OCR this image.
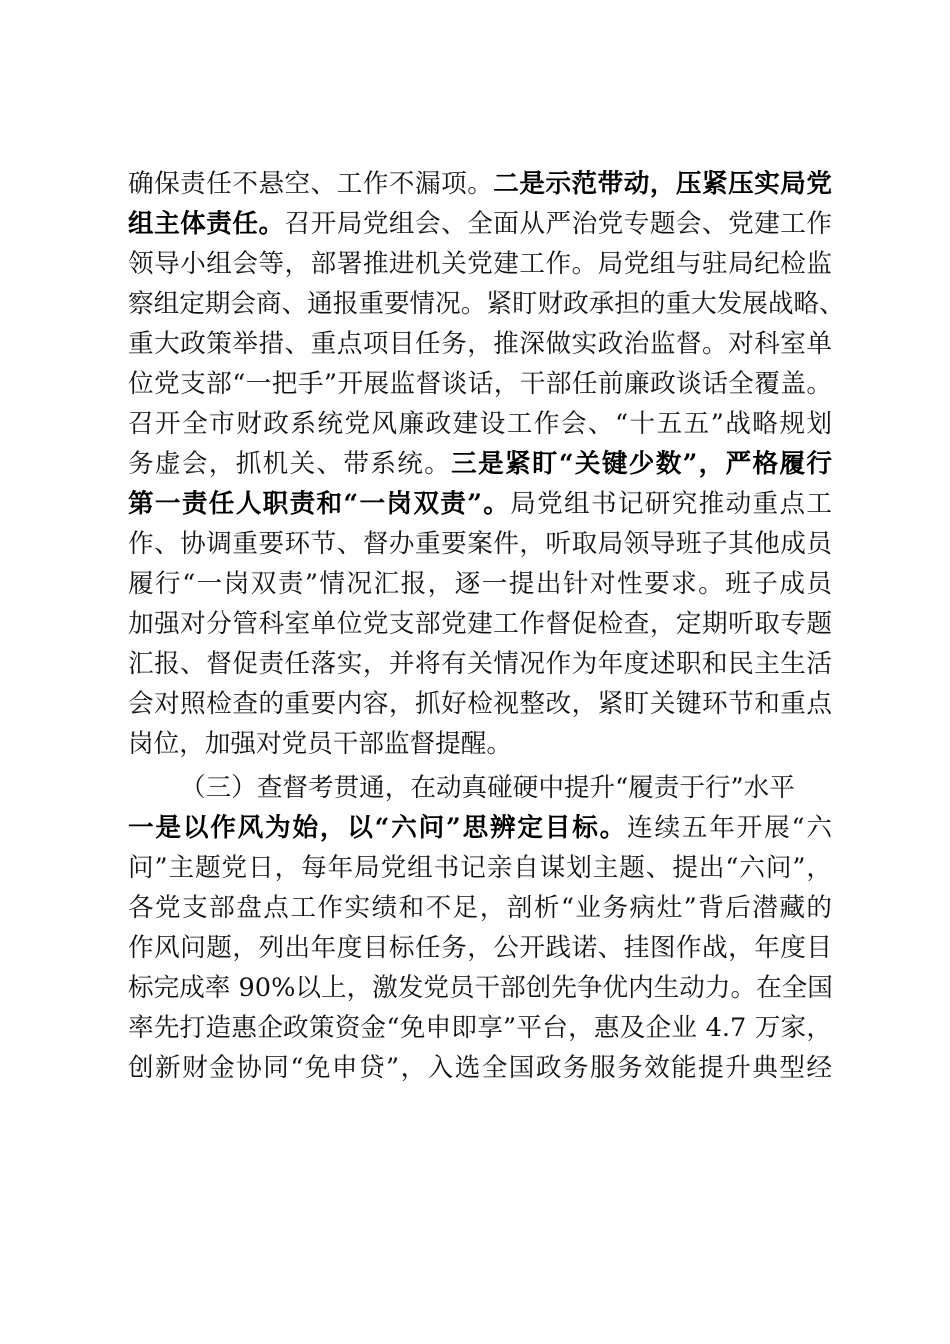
确保责任不悬空、工作不漏项。二是示范带动，压紧压实局党
组主体责任。召开局党组会、全面从严治党专题会、党建工作
领导小组会等，部署推进机关党建工作。局党组与驻局纪检监
察组定期会商、通报重要情况。紧盯财政承担的重大发展战略、
重大政策举措、重点项目任务，推深做实政治监督。对科室单
位党支部“一把手”开展监督谈话，干部任前廉政谈话全覆盖。
召开全市财政系统党风廉政建设工作会、“十五五”战略规划
务虚会，抓机关、带系统。三是紧盯“关键少数”，严格履行
第一责任人职责和“一岗双责”。局党组书记研究推动重点工
作、协调重要环节、督办重要案件，听取局领导班子其他成员
履行“一岗双责”情况汇报，逐一提出针对性要求。班子成员
加强对分管科室单位党支部党建工作督促检查，定期听取专题
汇报、督促责任落实，并将有关情况作为年度述职和民主生活
会对照检查的重要内容，抓好检视整改，紧盯关键环节和重点
岗位，加强对党员干部监督提醒。
（三）查督考贯通，在动真碰硬中提升“履责于行”水平
一是以作风为始，以“六问”思辨定目标。连续五年开展“六
问”主题党日，每年局党组书记亲自谋划主题、提出“六问”，
各党支部盘点工作实绩和不足，剖析“业务病灶”背后潜藏的
作风问题，列出年度目标任务，公开践诺、挂图作战，年度目
标完成率 90%以上，激发党员干部创先争优内生动力。在全国
率先打造惠企政策资金“免申即享”平台，惠及企业 4.7 万家，
创新财金协同“免申贷”，入选全国政务服务效能提升典型经
